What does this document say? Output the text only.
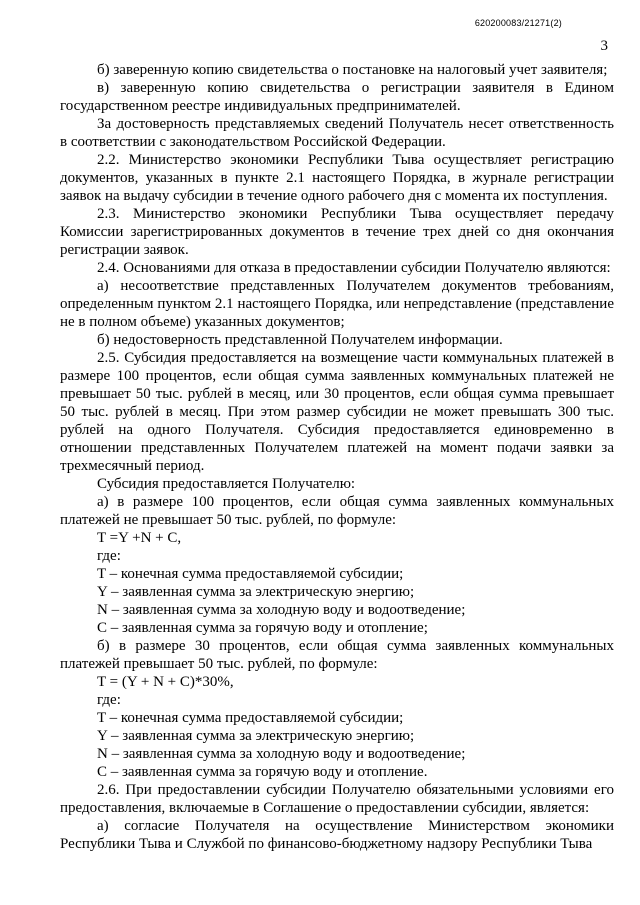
620200083/21271(2)
3

б) заверенную копию свидетельства о постановке на налоговый учет заявителя;

в) заверенную копию свидетельства о регистрации заявителя в Едином государственном реестре индивидуальных предпринимателей.

За достоверность представляемых сведений Получатель несет ответственность в соответствии с законодательством Российской Федерации.

2.2. Министерство экономики Республики Тыва осуществляет регистрацию документов, указанных в пункте 2.1 настоящего Порядка, в журнале регистрации заявок на выдачу субсидии в течение одного рабочего дня с момента их поступления.

2.3. Министерство экономики Республики Тыва осуществляет передачу Комиссии зарегистрированных документов в течение трех дней со дня окончания регистрации заявок.

2.4. Основаниями для отказа в предоставлении субсидии Получателю являются:

а) несоответствие представленных Получателем документов требованиям, определенным пунктом 2.1 настоящего Порядка, или непредставление (представление не в полном объеме) указанных документов;

б) недостоверность представленной Получателем информации.

2.5. Субсидия предоставляется на возмещение части коммунальных платежей в размере 100 процентов, если общая сумма заявленных коммунальных платежей не превышает 50 тыс. рублей в месяц, или 30 процентов, если общая сумма превышает 50 тыс. рублей в месяц. При этом размер субсидии не может превышать 300 тыс. рублей на одного Получателя. Субсидия предоставляется единовременно в отношении представленных Получателем платежей на момент подачи заявки за трехмесячный период.

Субсидия предоставляется Получателю:

а) в размере 100 процентов, если общая сумма заявленных коммунальных платежей не превышает 50 тыс. рублей, по формуле:

T =Y +N + C,

где:

T – конечная сумма предоставляемой субсидии;

Y – заявленная сумма за электрическую энергию;

N – заявленная сумма за холодную воду и водоотведение;

C – заявленная сумма за горячую воду и отопление;

б) в размере 30 процентов, если общая сумма заявленных коммунальных платежей превышает 50 тыс. рублей, по формуле:

T = (Y + N + C)*30%,

где:

T – конечная сумма предоставляемой субсидии;

Y – заявленная сумма за электрическую энергию;

N – заявленная сумма за холодную воду и водоотведение;

C – заявленная сумма за горячую воду и отопление.

2.6. При предоставлении субсидии Получателю обязательными условиями его предоставления, включаемые в Соглашение о предоставлении субсидии, является:

а) согласие Получателя на осуществление Министерством экономики Республики Тыва и Службой по финансово-бюджетному надзору Республики Тыва
